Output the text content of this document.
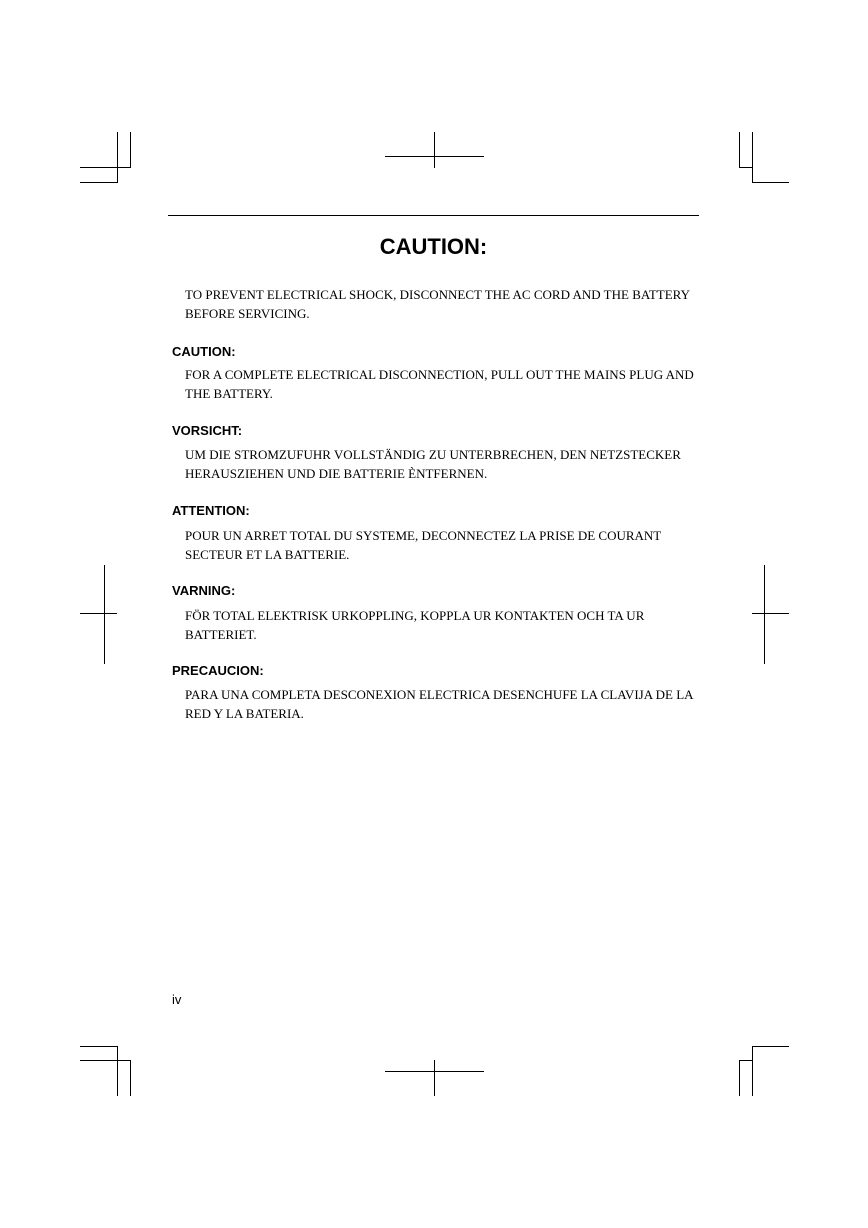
CAUTION:

TO PREVENT ELECTRICAL SHOCK, DISCONNECT THE AC CORD AND THE BATTERY BEFORE SERVICING.

CAUTION:

FOR A COMPLETE ELECTRICAL DISCONNECTION, PULL OUT THE MAINS PLUG AND THE BATTERY.

VORSICHT:

UM DIE STROMZUFUHR VOLLSTÄNDIG ZU UNTERBRECHEN, DEN NETZSTECKER HERAUSZIEHEN UND DIE BATTERIE ÈNTFERNEN.

ATTENTION:

POUR UN ARRET TOTAL DU SYSTEME, DECONNECTEZ LA PRISE DE COURANT SECTEUR ET LA BATTERIE.

VARNING:

FÖR TOTAL ELEKTRISK URKOPPLING, KOPPLA UR KONTAKTEN OCH TA UR BATTERIET.

PRECAUCION:

PARA UNA COMPLETA DESCONEXION ELECTRICA DESENCHUFE LA CLAVIJA DE LA RED Y LA BATERIA.

iv
